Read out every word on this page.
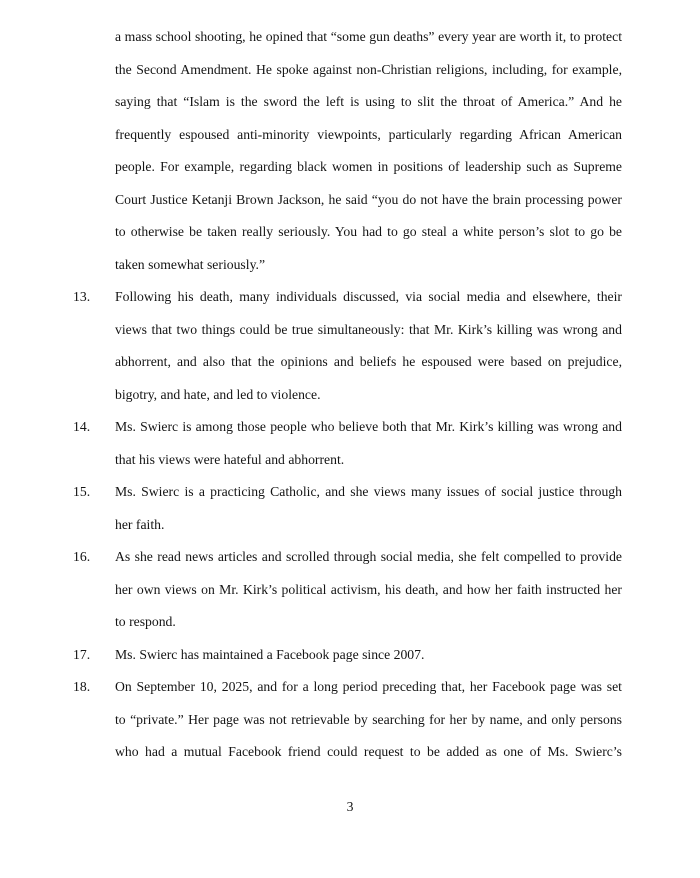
a mass school shooting, he opined that “some gun deaths” every year are worth it, to protect
the Second Amendment. He spoke against non-Christian religions, including, for example,
saying that “Islam is the sword the left is using to slit the throat of America.” And he
frequently espoused anti-minority viewpoints, particularly regarding African American
people. For example, regarding black women in positions of leadership such as Supreme
Court Justice Ketanji Brown Jackson, he said “you do not have the brain processing power
to otherwise be taken really seriously. You had to go steal a white person’s slot to go be
taken somewhat seriously.”
13. Following his death, many individuals discussed, via social media and elsewhere, their
views that two things could be true simultaneously: that Mr. Kirk’s killing was wrong and
abhorrent, and also that the opinions and beliefs he espoused were based on prejudice,
bigotry, and hate, and led to violence.
14. Ms. Swierc is among those people who believe both that Mr. Kirk’s killing was wrong and
that his views were hateful and abhorrent.
15. Ms. Swierc is a practicing Catholic, and she views many issues of social justice through
her faith.
16. As she read news articles and scrolled through social media, she felt compelled to provide
her own views on Mr. Kirk’s political activism, his death, and how her faith instructed her
to respond.
17. Ms. Swierc has maintained a Facebook page since 2007.
18. On September 10, 2025, and for a long period preceding that, her Facebook page was set
to “private.” Her page was not retrievable by searching for her by name, and only persons
who had a mutual Facebook friend could request to be added as one of Ms. Swierc’s
3
